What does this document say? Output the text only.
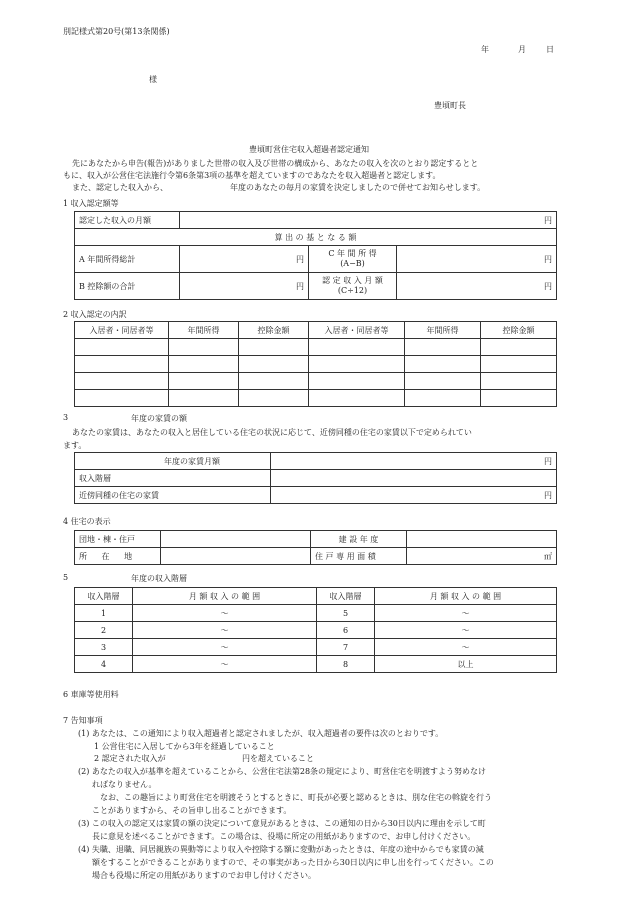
別記様式第20号(第13条関係)
年	月	日
様
豊頃町長
豊頃町営住宅収入超過者認定通知
先にあなたから申告(報告)がありました世帯の収入及び世帯の構成から、あなたの収入を次のとおり認定するとと
もに、収入が公営住宅法施行令第6条第3項の基準を超えていますのであなたを収入超過者と認定します。
また、認定した収入から、	年度のあなたの毎月の家賃を決定しましたので併せてお知らせします。
1 収入認定額等
認定した収入の月額	円		
算 出 の 基 と な る 額			
A 年間所得総計	円	C 年 間 所 得
(A−B)	円
B 控除額の合計	円	認 定 収 入 月 額
(C÷12)	円
2 収入認定の内訳
入居者・同居者等	年間所得	控除金額	入居者・同居者等	年間所得	控除金額

3	年度の家賃の額
あなたの家賃は、あなたの収入と居住している住宅の状況に応じて、近傍同種の住宅の家賃以下で定められてい
ます。
年度の家賃月額	円
収入階層	
近傍同種の住宅の家賃	円
4 住宅の表示
団地・棟・住戸		建 設 年 度	
所 在 地		住 戸 専 用 面 積	㎡
5	年度の収入階層
収入階層	月 額 収 入 の 範 囲	収入階層	月 額 収 入 の 範 囲
1	〜	5	〜
2	〜	6	〜
3	〜	7	〜
4	〜	8	以上
6 車庫等使用料
7 告知事項
(1) あなたは、この通知により収入超過者と認定されましたが、収入超過者の要件は次のとおりです。
1 公営住宅に入居してから3年を経過していること
2 認定された収入が	円を超えていること
(2) あなたの収入が基準を超えていることから、公営住宅法第28条の規定により、町営住宅を明渡すよう努めなけ
ればなりません。
なお、この趣旨により町営住宅を明渡そうとするときに、町長が必要と認めるときは、別な住宅の斡旋を行う
ことがありますから、その旨申し出ることができます。
(3) この収入の認定又は家賃の額の決定について意見があるときは、この通知の日から30日以内に理由を示して町
長に意見を述べることができます。この場合は、役場に所定の用紙がありますので、お申し付けください。
(4) 失職、退職、同居親族の異動等により収入や控除する額に変動があったときは、年度の途中からでも家賃の減
額をすることができることがありますので、その事実があった日から30日以内に申し出を行ってください。この
場合も役場に所定の用紙がありますのでお申し付けください。
